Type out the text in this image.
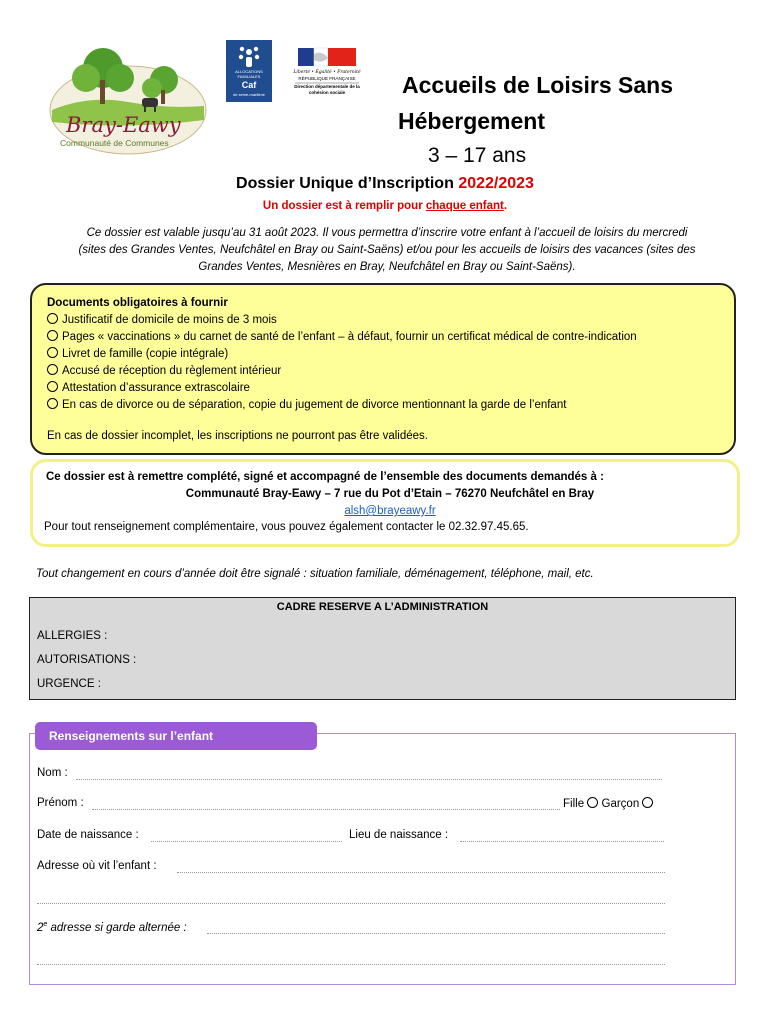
Bray-Eawy
Communauté de Communes
ALLOCATIONS
FAMILIALES
Caf
de seine-maritime
Liberté • Égalité • Fraternité
RÉPUBLIQUE FRANÇAISE
Direction départementale de la cohésion sociale	Accueils de Loisirs Sans
Hébergement
3 – 17 ans
Dossier Unique d’Inscription 2022/2023
Un dossier est à remplir pour chaque enfant.
Ce dossier est valable jusqu’au 31 août 2023. Il vous permettra d’inscrire votre enfant à l’accueil de loisirs du mercredi
(sites des Grandes Ventes, Neufchâtel en Bray ou Saint-Saëns) et/ou pour les accueils de loisirs des vacances (sites des
Grandes Ventes, Mesnières en Bray, Neufchâtel en Bray ou Saint-Saëns).
Documents obligatoires à fournir
Justificatif de domicile de moins de 3 mois
Pages « vaccinations » du carnet de santé de l’enfant – à défaut, fournir un certificat médical de contre-indication
Livret de famille (copie intégrale)
Accusé de réception du règlement intérieur
Attestation d’assurance extrascolaire
En cas de divorce ou de séparation, copie du jugement de divorce mentionnant la garde de l’enfant
En cas de dossier incomplet, les inscriptions ne pourront pas être validées.
Ce dossier est à remettre complété, signé et accompagné de l’ensemble des documents demandés à :
Communauté Bray-Eawy – 7 rue du Pot d’Etain – 76270 Neufchâtel en Bray
alsh@brayeawy.fr
Pour tout renseignement complémentaire, vous pouvez également contacter le 02.32.97.45.65.
Tout changement en cours d’année doit être signalé : situation familiale, déménagement, téléphone, mail, etc.
CADRE RESERVE A L’ADMINISTRATION
ALLERGIES :
AUTORISATIONS :
URGENCE :
Renseignements sur l’enfant
Nom :
Prénom :	Fille Garçon
Date de naissance :	Lieu de naissance :
Adresse où vit l’enfant :
2e adresse si garde alternée :
